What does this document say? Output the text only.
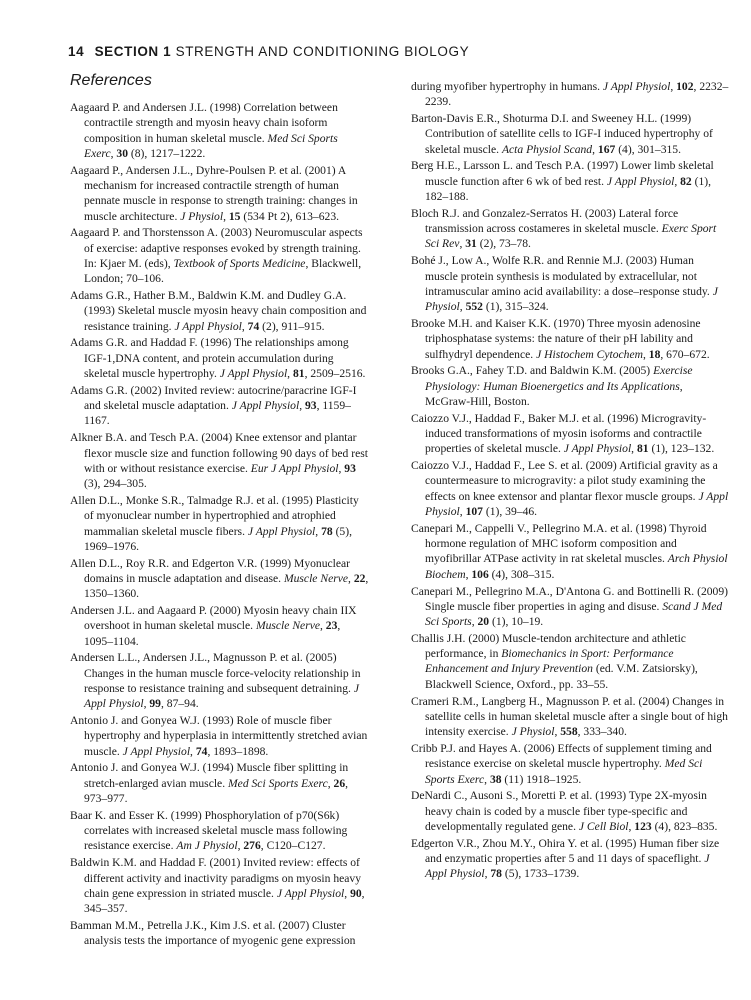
14 SECTION 1 STRENGTH AND CONDITIONING BIOLOGY
References

Aagaard P. and Andersen J.L. (1998) Correlation between contractile strength and myosin heavy chain isoform composition in human skeletal muscle. Med Sci Sports Exerc, 30 (8), 1217–1222.

Aagaard P., Andersen J.L., Dyhre-Poulsen P. et al. (2001) A mechanism for increased contractile strength of human pennate muscle in response to strength training: changes in muscle architecture. J Physiol, 15 (534 Pt 2), 613–623.

Aagaard P. and Thorstensson A. (2003) Neuromuscular aspects of exercise: adaptive responses evoked by strength training. In: Kjaer M. (eds), Textbook of Sports Medicine, Blackwell, London; 70–106.

Adams G.R., Hather B.M., Baldwin K.M. and Dudley G.A. (1993) Skeletal muscle myosin heavy chain composition and resistance training. J Appl Physiol, 74 (2), 911–915.

Adams G.R. and Haddad F. (1996) The relationships among IGF-1,DNA content, and protein accumulation during skeletal muscle hypertrophy. J Appl Physiol, 81, 2509–2516.

Adams G.R. (2002) Invited review: autocrine/paracrine IGF-I and skeletal muscle adaptation. J Appl Physiol, 93, 1159–1167.

Alkner B.A. and Tesch P.A. (2004) Knee extensor and plantar flexor muscle size and function following 90 days of bed rest with or without resistance exercise. Eur J Appl Physiol, 93 (3), 294–305.

Allen D.L., Monke S.R., Talmadge R.J. et al. (1995) Plasticity of myonuclear number in hypertrophied and atrophied mammalian skeletal muscle fibers. J Appl Physiol, 78 (5), 1969–1976.

Allen D.L., Roy R.R. and Edgerton V.R. (1999) Myonuclear domains in muscle adaptation and disease. Muscle Nerve, 22, 1350–1360.

Andersen J.L. and Aagaard P. (2000) Myosin heavy chain IIX overshoot in human skeletal muscle. Muscle Nerve, 23, 1095–1104.

Andersen L.L., Andersen J.L., Magnusson P. et al. (2005) Changes in the human muscle force-velocity relationship in response to resistance training and subsequent detraining. J Appl Physiol, 99, 87–94.

Antonio J. and Gonyea W.J. (1993) Role of muscle fiber hypertrophy and hyperplasia in intermittently stretched avian muscle. J Appl Physiol, 74, 1893–1898.

Antonio J. and Gonyea W.J. (1994) Muscle fiber splitting in stretch-enlarged avian muscle. Med Sci Sports Exerc, 26, 973–977.

Baar K. and Esser K. (1999) Phosphorylation of p70(S6k) correlates with increased skeletal muscle mass following resistance exercise. Am J Physiol, 276, C120–C127.

Baldwin K.M. and Haddad F. (2001) Invited review: effects of different activity and inactivity paradigms on myosin heavy chain gene expression in striated muscle. J Appl Physiol, 90, 345–357.

Bamman M.M., Petrella J.K., Kim J.S. et al. (2007) Cluster analysis tests the importance of myogenic gene expression

during myofiber hypertrophy in humans. J Appl Physiol, 102, 2232–2239.

Barton-Davis E.R., Shoturma D.I. and Sweeney H.L. (1999) Contribution of satellite cells to IGF-I induced hypertrophy of skeletal muscle. Acta Physiol Scand, 167 (4), 301–315.

Berg H.E., Larsson L. and Tesch P.A. (1997) Lower limb skeletal muscle function after 6 wk of bed rest. J Appl Physiol, 82 (1), 182–188.

Bloch R.J. and Gonzalez-Serratos H. (2003) Lateral force transmission across costameres in skeletal muscle. Exerc Sport Sci Rev, 31 (2), 73–78.

Bohé J., Low A., Wolfe R.R. and Rennie M.J. (2003) Human muscle protein synthesis is modulated by extracellular, not intramuscular amino acid availability: a dose–response study. J Physiol, 552 (1), 315–324.

Brooke M.H. and Kaiser K.K. (1970) Three myosin adenosine triphosphatase systems: the nature of their pH lability and sulfhydryl dependence. J Histochem Cytochem, 18, 670–672.

Brooks G.A., Fahey T.D. and Baldwin K.M. (2005) Exercise Physiology: Human Bioenergetics and Its Applications, McGraw-Hill, Boston.

Caiozzo V.J., Haddad F., Baker M.J. et al. (1996) Microgravity-induced transformations of myosin isoforms and contractile properties of skeletal muscle. J Appl Physiol, 81 (1), 123–132.

Caiozzo V.J., Haddad F., Lee S. et al. (2009) Artificial gravity as a countermeasure to microgravity: a pilot study examining the effects on knee extensor and plantar flexor muscle groups. J Appl Physiol, 107 (1), 39–46.

Canepari M., Cappelli V., Pellegrino M.A. et al. (1998) Thyroid hormone regulation of MHC isoform composition and myofibrillar ATPase activity in rat skeletal muscles. Arch Physiol Biochem, 106 (4), 308–315.

Canepari M., Pellegrino M.A., D'Antona G. and Bottinelli R. (2009) Single muscle fiber properties in aging and disuse. Scand J Med Sci Sports, 20 (1), 10–19.

Challis J.H. (2000) Muscle-tendon architecture and athletic performance, in Biomechanics in Sport: Performance Enhancement and Injury Prevention (ed. V.M. Zatsiorsky), Blackwell Science, Oxford., pp. 33–55.

Crameri R.M., Langberg H., Magnusson P. et al. (2004) Changes in satellite cells in human skeletal muscle after a single bout of high intensity exercise. J Physiol, 558, 333–340.

Cribb P.J. and Hayes A. (2006) Effects of supplement timing and resistance exercise on skeletal muscle hypertrophy. Med Sci Sports Exerc, 38 (11) 1918–1925.

DeNardi C., Ausoni S., Moretti P. et al. (1993) Type 2X-myosin heavy chain is coded by a muscle fiber type-specific and developmentally regulated gene. J Cell Biol, 123 (4), 823–835.

Edgerton V.R., Zhou M.Y., Ohira Y. et al. (1995) Human fiber size and enzymatic properties after 5 and 11 days of spaceflight. J Appl Physiol, 78 (5), 1733–1739.
